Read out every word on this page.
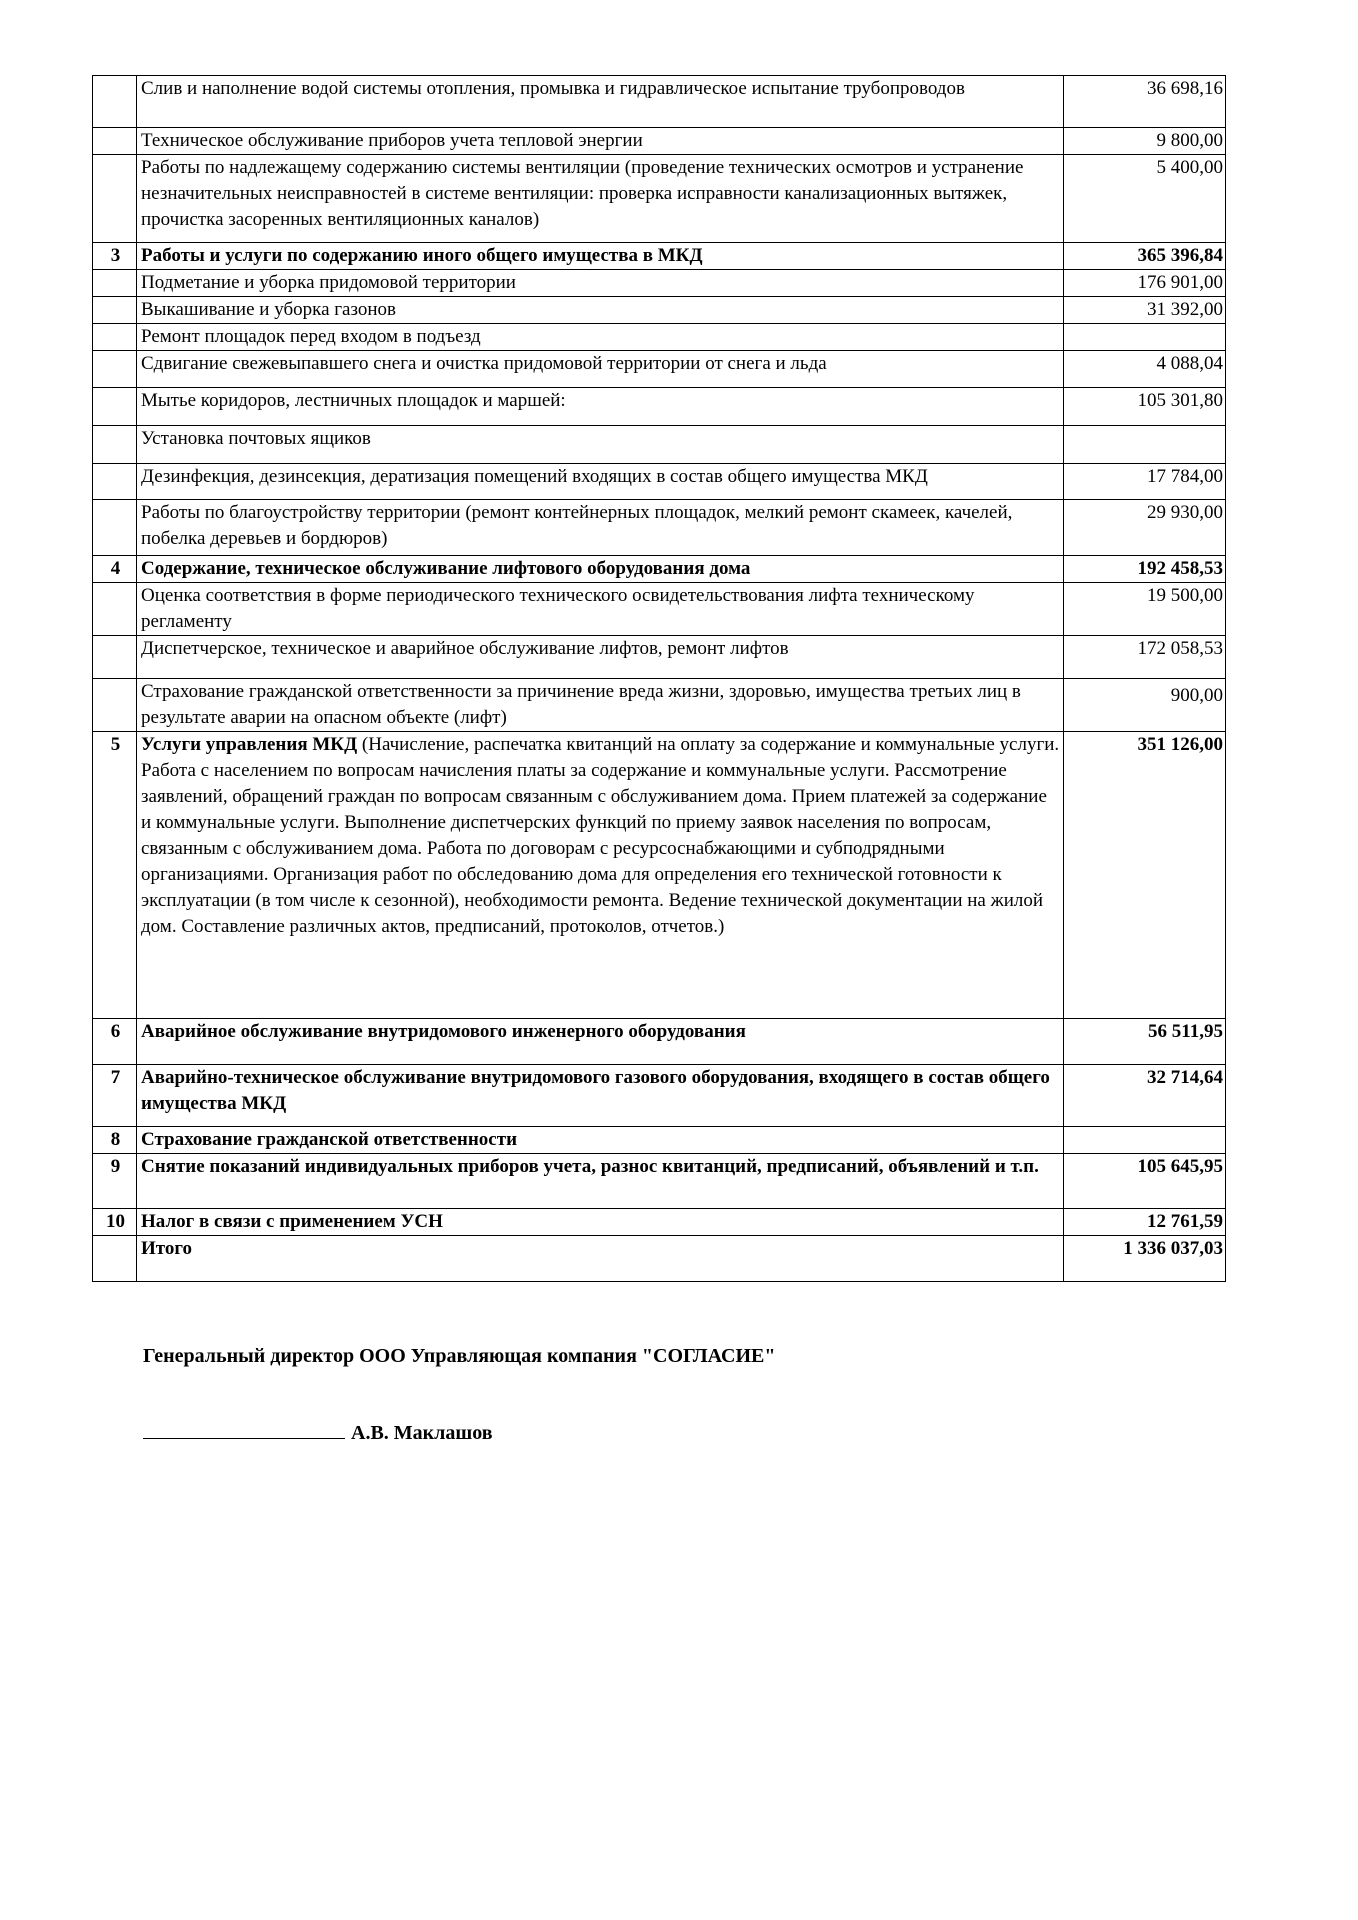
	Слив и наполнение водой системы отопления, промывка и гидравлическое испытание трубопроводов	36 698,16
	Техническое обслуживание приборов учета тепловой энергии	9 800,00
	Работы по надлежащему содержанию системы вентиляции (проведение технических осмотров и устранение незначительных неисправностей в системе вентиляции: проверка исправности канализационных вытяжек, прочистка засоренных вентиляционных каналов)	5 400,00
3	Работы и услуги по содержанию иного общего имущества в МКД	365 396,84
	Подметание и уборка придомовой территории	176 901,00
	Выкашивание и уборка газонов	31 392,00
	Ремонт площадок перед входом в подъезд	
	Сдвигание свежевыпавшего снега и очистка придомовой территории от снега и льда	4 088,04
	Мытье коридоров, лестничных площадок и маршей:	105 301,80
	Установка почтовых ящиков	
	Дезинфекция, дезинсекция, дератизация помещений входящих в состав общего имущества МКД	17 784,00
	Работы по благоустройству территории (ремонт контейнерных площадок, мелкий ремонт скамеек, качелей, побелка деревьев и бордюров)	29 930,00
4	Содержание, техническое обслуживание лифтового оборудования дома	192 458,53
	Оценка соответствия в форме периодического технического освидетельствования лифта техническому регламенту	19 500,00
	Диспетчерское, техническое и аварийное обслуживание лифтов, ремонт лифтов	172 058,53
	Страхование гражданской ответственности за причинение вреда жизни, здоровью, имущества третьих лиц в результате аварии на опасном объекте (лифт)	900,00
5	Услуги управления МКД (Начисление, распечатка квитанций на оплату за содержание и коммунальные услуги. Работа с населением по вопросам начисления платы за содержание и коммунальные услуги. Рассмотрение заявлений, обращений граждан по вопросам связанным с обслуживанием дома. Прием платежей за содержание и коммунальные услуги. Выполнение диспетчерских функций по приему заявок населения по вопросам, связанным с обслуживанием дома. Работа по договорам с ресурсоснабжающими и субподрядными организациями. Организация работ по обследованию дома для определения его технической готовности к эксплуатации (в том числе к сезонной), необходимости ремонта. Ведение технической документации на жилой дом. Составление различных актов, предписаний, протоколов, отчетов.)	351 126,00
6	Аварийное обслуживание внутридомового инженерного оборудования	56 511,95
7	Аварийно-техническое обслуживание внутридомового газового оборудования, входящего в состав общего имущества МКД	32 714,64
8	Страхование гражданской ответственности	
9	Снятие показаний индивидуальных приборов учета, разнос квитанций, предписаний, объявлений и т.п.	105 645,95
10	Налог в связи с применением УСН	12 761,59
	Итого	1 336 037,03
Генеральный директор ООО Управляющая компания "СОГЛАСИЕ"
А.В. Маклашов
